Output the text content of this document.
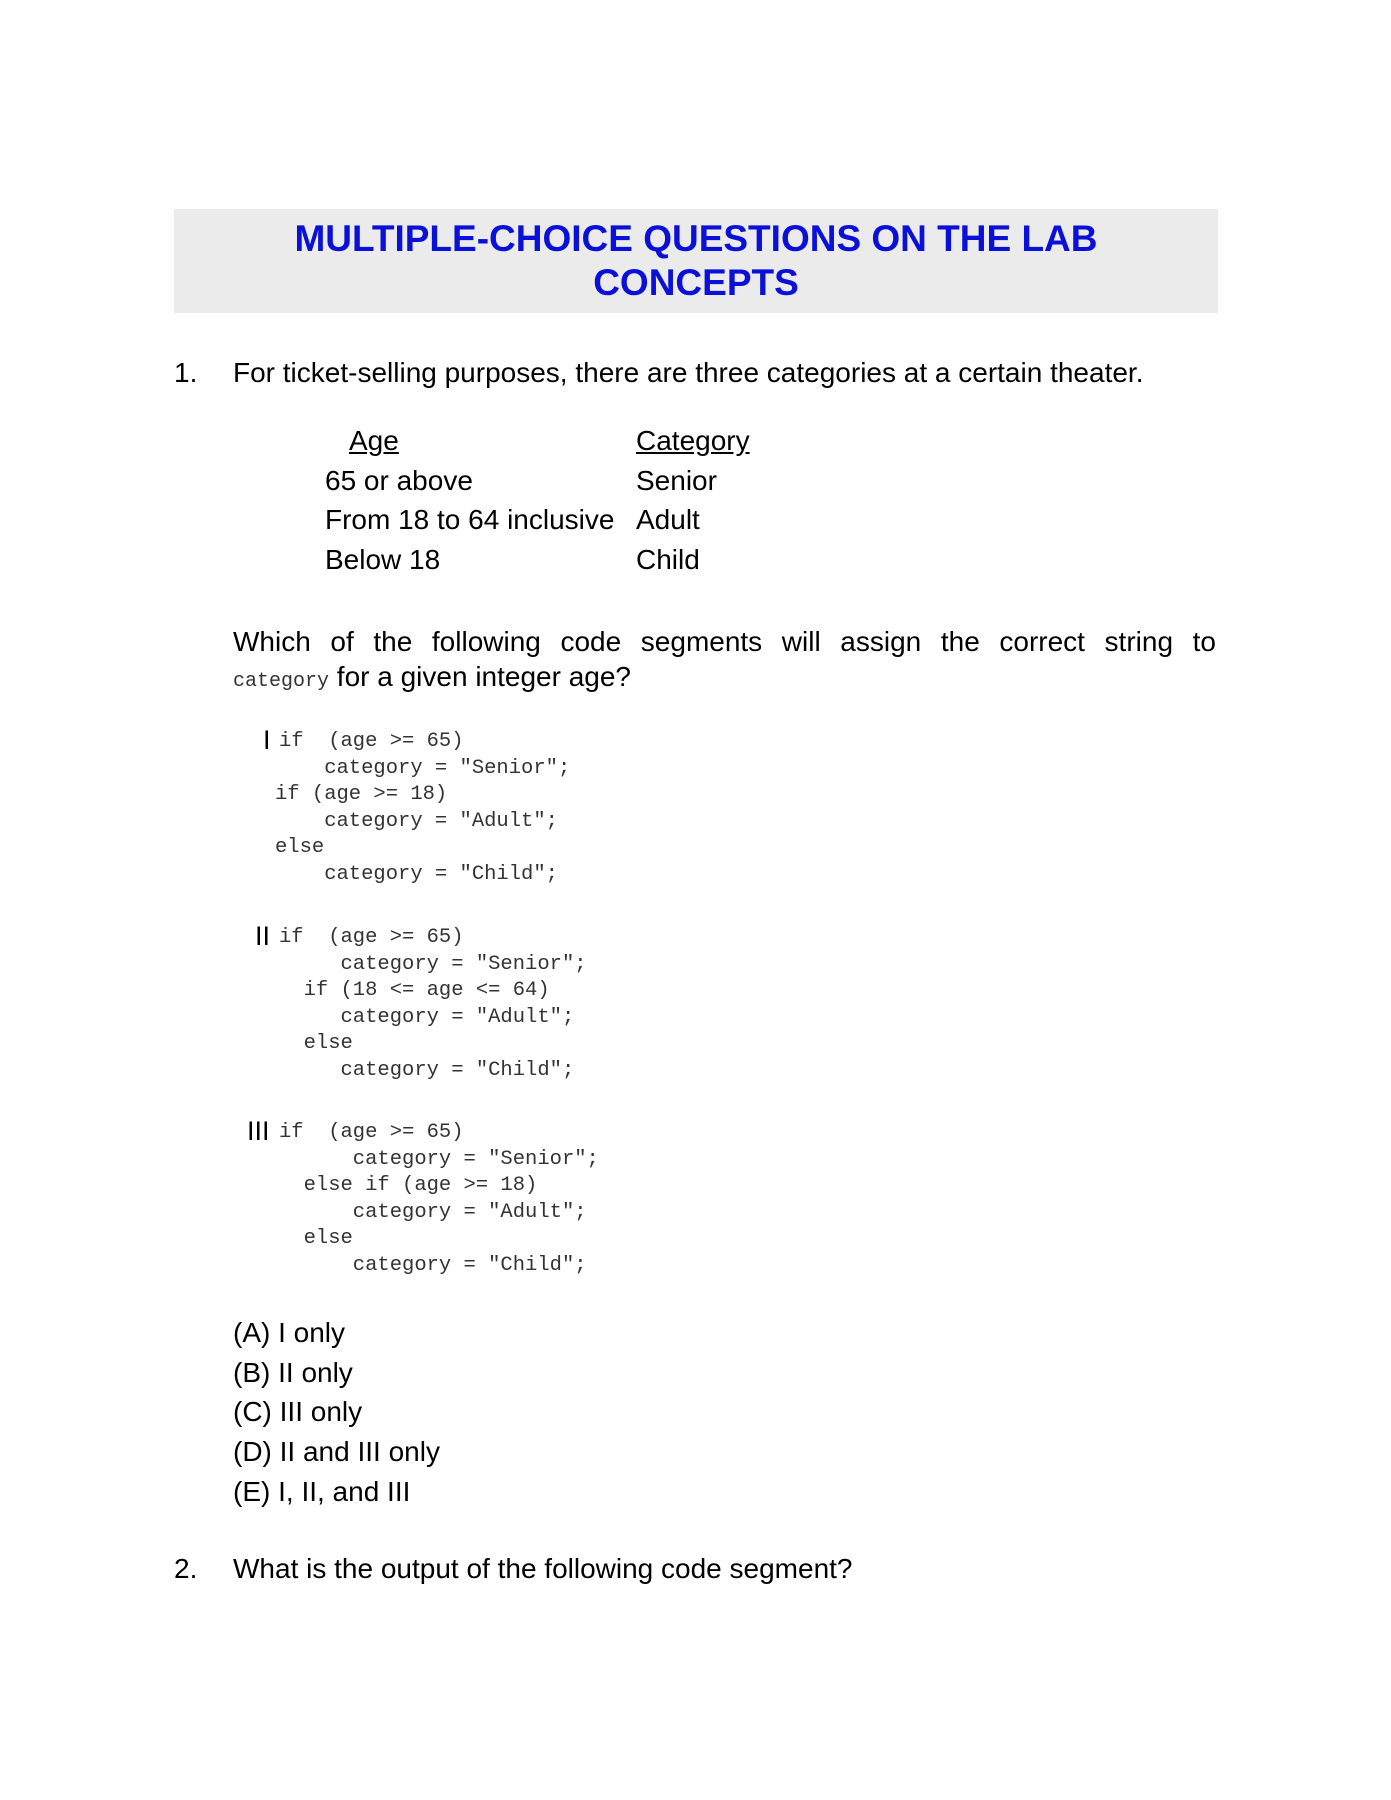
MULTIPLE-CHOICE QUESTIONS ON THE LAB
CONCEPTS
1. For ticket-selling purposes, there are three categories at a certain theater.
Age	Category
65 or above	Senior
From 18 to 64 inclusive Adult
Below 18	Child
Which of the following code segments will assign the correct string to
category for a given integer age?
I if  (age >= 65)
category = "Senior";
if (age >= 18)
category = "Adult";
else
category = "Child";
II if  (age >= 65)
category = "Senior";
if (18 <= age <= 64)
category = "Adult";
else
category = "Child";
III if  (age >= 65)
category = "Senior";
else if (age >= 18)
category = "Adult";
else
category = "Child";
(A) I only
(B) II only
(C) III only
(D) II and III only
(E) I, II, and III
2. What is the output of the following code segment?
